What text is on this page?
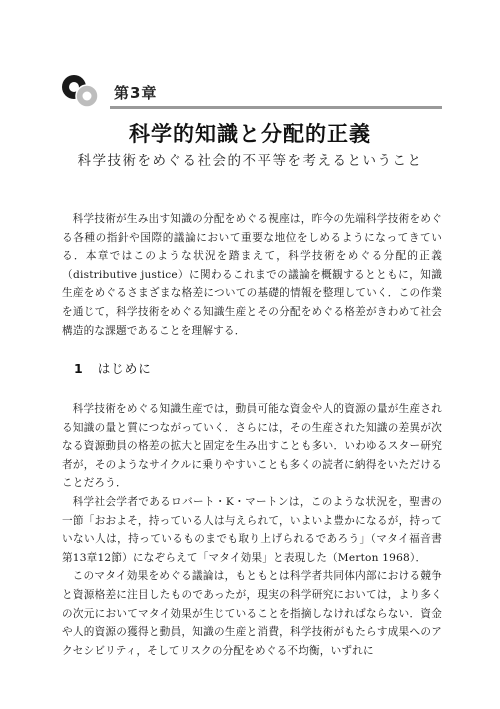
第3章
科学的知識と分配的正義
科学技術をめぐる社会的不平等を考えるということ

科学技術が生み出す知識の分配をめぐる視座は，昨今の先端科学技術をめぐる各種の指針や国際的議論において重要な地位をしめるようになってきている．本章ではこのような状況を踏まえて，科学技術をめぐる分配的正義（distributive justice）に関わるこれまでの議論を概観するとともに，知識生産をめぐるさまざまな格差についての基礎的情報を整理していく．この作業を通じて，科学技術をめぐる知識生産とその分配をめぐる格差がきわめて社会構造的な課題であることを理解する．

1 はじめに

科学技術をめぐる知識生産では，動員可能な資金や人的資源の量が生産される知識の量と質につながっていく．さらには，その生産された知識の差異が次なる資源動員の格差の拡大と固定を生み出すことも多い．いわゆるスター研究者が，そのようなサイクルに乗りやすいことも多くの読者に納得をいただけることだろう．

科学社会学者であるロバート・K・マートンは，このような状況を，聖書の一節「おおよそ，持っている人は与えられて，いよいよ豊かになるが，持っていない人は，持っているものまでも取り上げられるであろう」（マタイ福音書第13章12節）になぞらえて「マタイ効果」と表現した（Merton 1968）．

このマタイ効果をめぐる議論は，もともとは科学者共同体内部における競争と資源格差に注目したものであったが，現実の科学研究においては，より多くの次元においてマタイ効果が生じていることを指摘しなければならない．資金や人的資源の獲得と動員，知識の生産と消費，科学技術がもたらす成果へのアクセシビリティ，そしてリスクの分配をめぐる不均衡，いずれに
